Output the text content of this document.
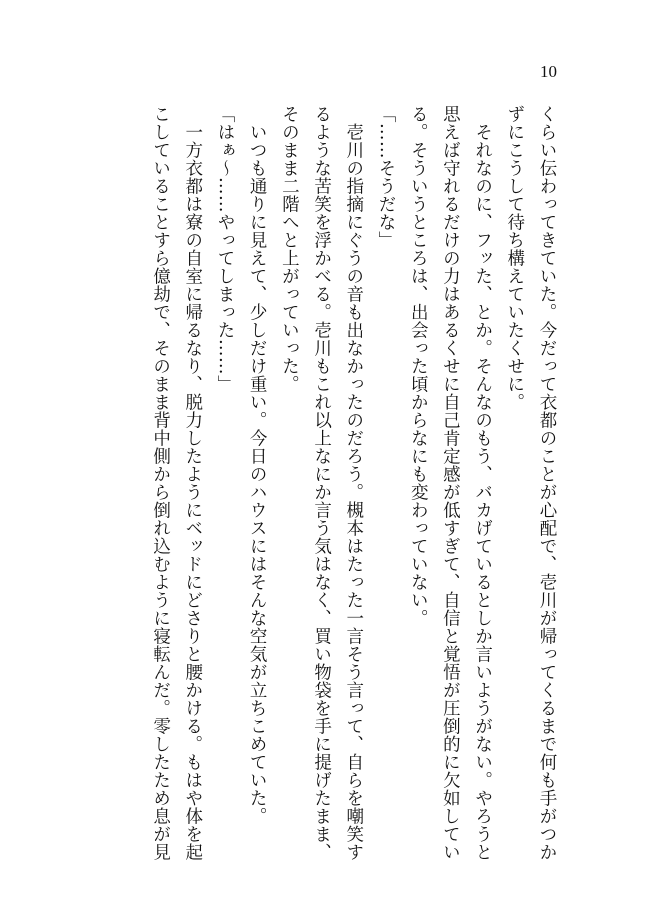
10

くらい伝わってきていた。今だって衣都のことが心配で、壱川が帰ってくるまで何も手がつか

ずにこうして待ち構えていたくせに。

　それなのに、フッた、とか。そんなのもう、バカげているとしか言いようがない。やろうと

思えば守れるだけの力はあるくせに自己肯定感が低すぎて、自信と覚悟が圧倒的に欠如してい

る。そういうところは、出会った頃からなにも変わっていない。

「……そうだな」

　壱川の指摘にぐうの音も出なかったのだろう。槻本はたった一言そう言って、自らを嘲笑す

るような苦笑を浮かべる。壱川もこれ以上なにか言う気はなく、買い物袋を手に提げたまま、

そのまま二階へと上がっていった。

　いつも通りに見えて、少しだけ重い。今日のハウスにはそんな空気が立ちこめていた。

「はぁ～……やってしまった……」

　一方衣都は寮の自室に帰るなり、脱力したようにベッドにどさりと腰かける。もはや体を起

こしていることすら億劫で、そのまま背中側から倒れ込むように寝転んだ。零したため息が見
